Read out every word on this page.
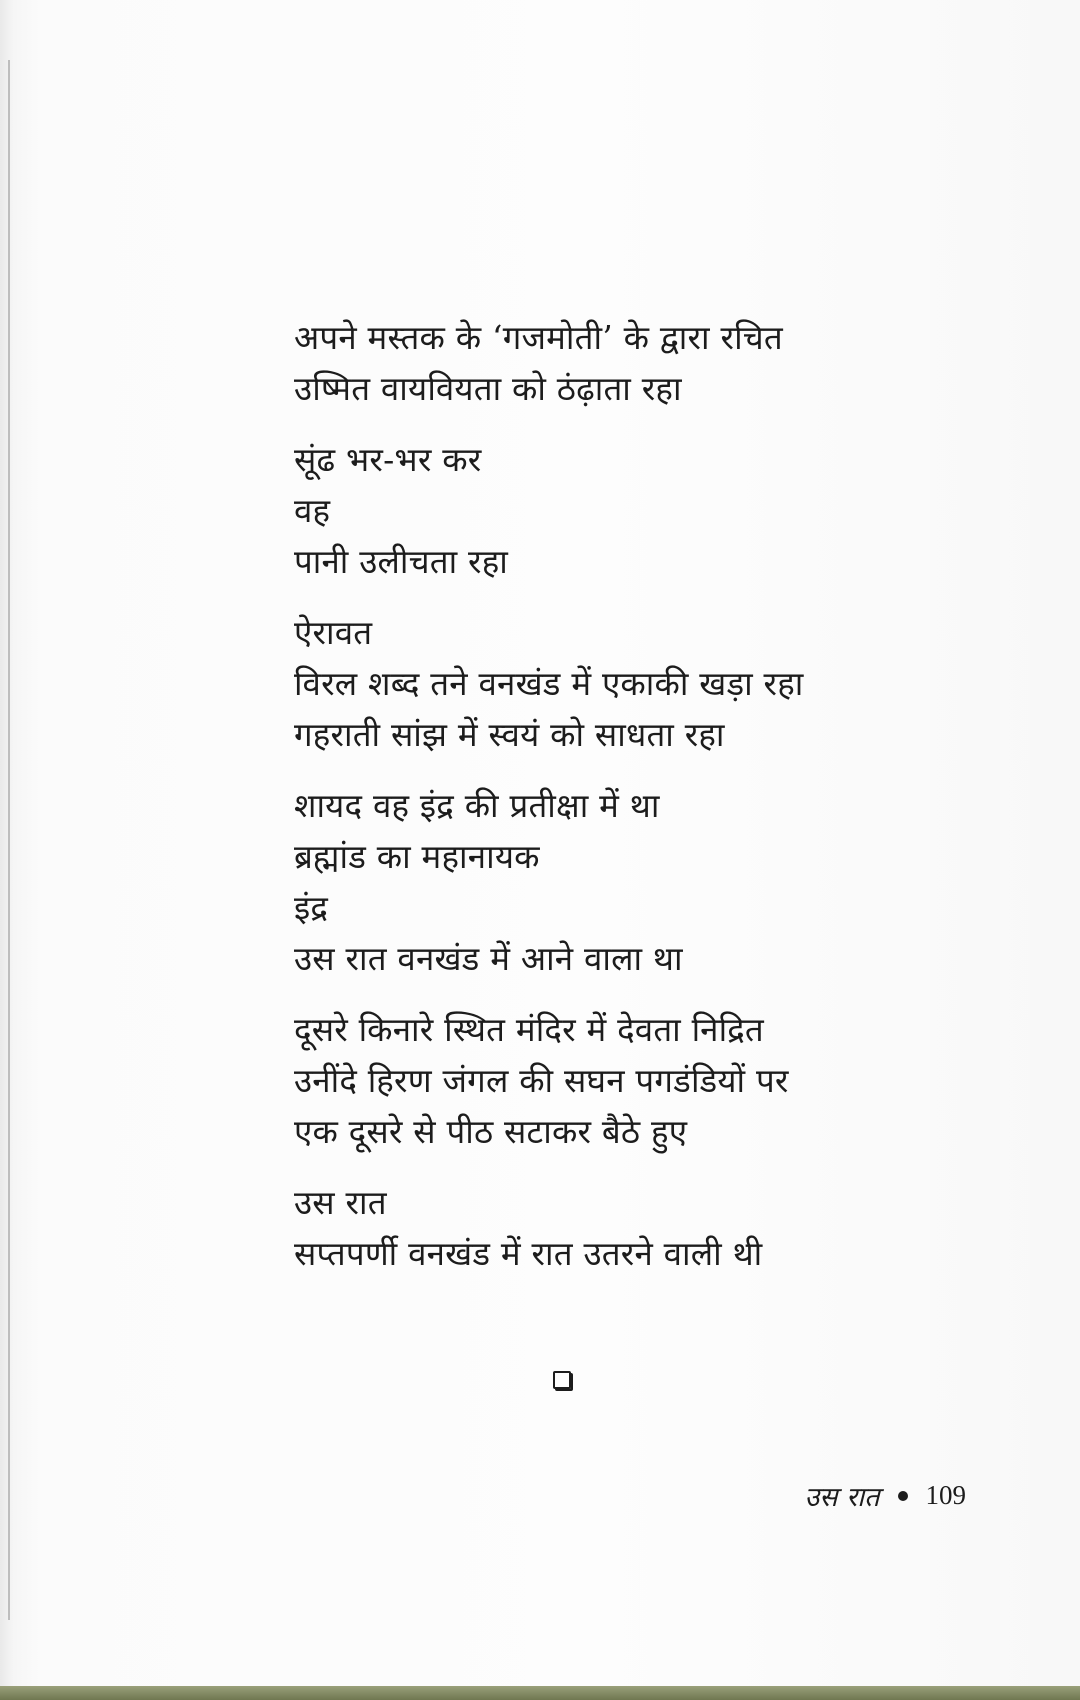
अपने मस्तक के ‘गजमोती’ के द्वारा रचित
उष्मित वायवियता को ठंढ़ाता रहा
सूंढ भर-भर कर
वह
पानी उलीचता रहा
ऐरावत
विरल शब्द तने वनखंड में एकाकी खड़ा रहा
गहराती सांझ में स्वयं को साधता रहा
शायद वह इंद्र की प्रतीक्षा में था
ब्रह्मांड का महानायक
इंद्र
उस रात वनखंड में आने वाला था
दूसरे किनारे स्थित मंदिर में देवता निद्रित
उनींदे हिरण जंगल की सघन पगडंडियों पर
एक दूसरे से पीठ सटाकर बैठे हुए
उस रात
सप्तपर्णी वनखंड में रात उतरने वाली थी
उस रात 109
